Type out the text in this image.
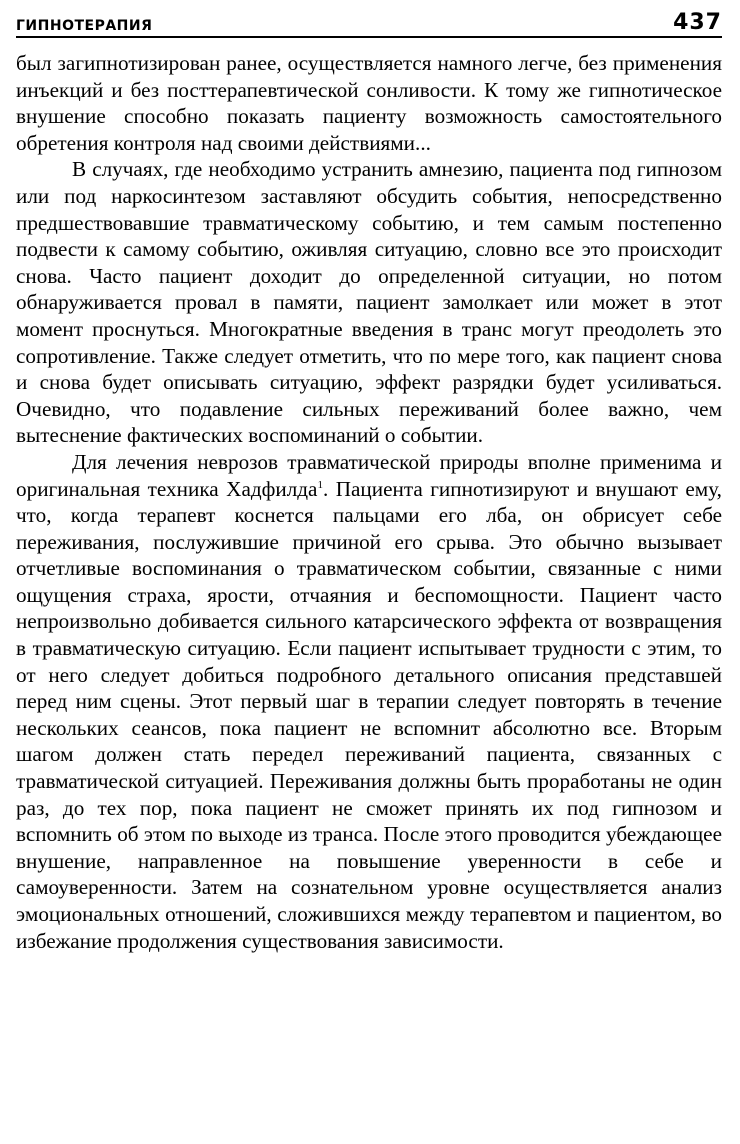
ГИПНОТЕРАПИЯ	437

был загипнотизирован ранее, осуществляется намного легче, без применения инъекций и без посттерапевтической сонливости. К тому же гипнотическое внушение способно показать пациенту возможность самостоятельного обретения контроля над своими действиями...

В случаях, где необходимо устранить амнезию, пациента под гипнозом или под наркосинтезом заставляют обсудить события, непосредственно предшествовавшие травматическому событию, и тем самым постепенно подвести к самому событию, оживляя ситуацию, словно все это происходит снова. Часто пациент доходит до определенной ситуации, но потом обнаруживается провал в памяти, пациент замолкает или может в этот момент проснуться. Многократные введения в транс могут преодолеть это сопротивление. Также следует отметить, что по мере того, как пациент снова и снова будет описывать ситуацию, эффект разрядки будет усиливаться. Очевидно, что подавление сильных переживаний более важно, чем вытеснение фактических воспоминаний о событии.

Для лечения неврозов травматической природы вполне применима и оригинальная техника Хадфилда$^1$. Пациента гипнотизируют и внушают ему, что, когда терапевт коснется пальцами его лба, он обрисует себе переживания, послужившие причиной его срыва. Это обычно вызывает отчетливые воспоминания о травматическом событии, связанные с ними ощущения страха, ярости, отчаяния и беспомощности. Пациент часто непроизвольно добивается сильного катарсического эффекта от возвращения в травматическую ситуацию. Если пациент испытывает трудности с этим, то от него следует добиться подробного детального описания представшей перед ним сцены. Этот первый шаг в терапии следует повторять в течение нескольких сеансов, пока пациент не вспомнит абсолютно все. Вторым шагом должен стать передел переживаний пациента, связанных с травматической ситуацией. Переживания должны быть проработаны не один раз, до тех пор, пока пациент не сможет принять их под гипнозом и вспомнить об этом по выходе из транса. После этого проводится убеждающее внушение, направленное на повышение уверенности в себе и самоуверенности. Затем на сознательном уровне осуществляется анализ эмоциональных отношений, сложившихся между терапевтом и пациентом, во избежание продолжения существования зависимости.
